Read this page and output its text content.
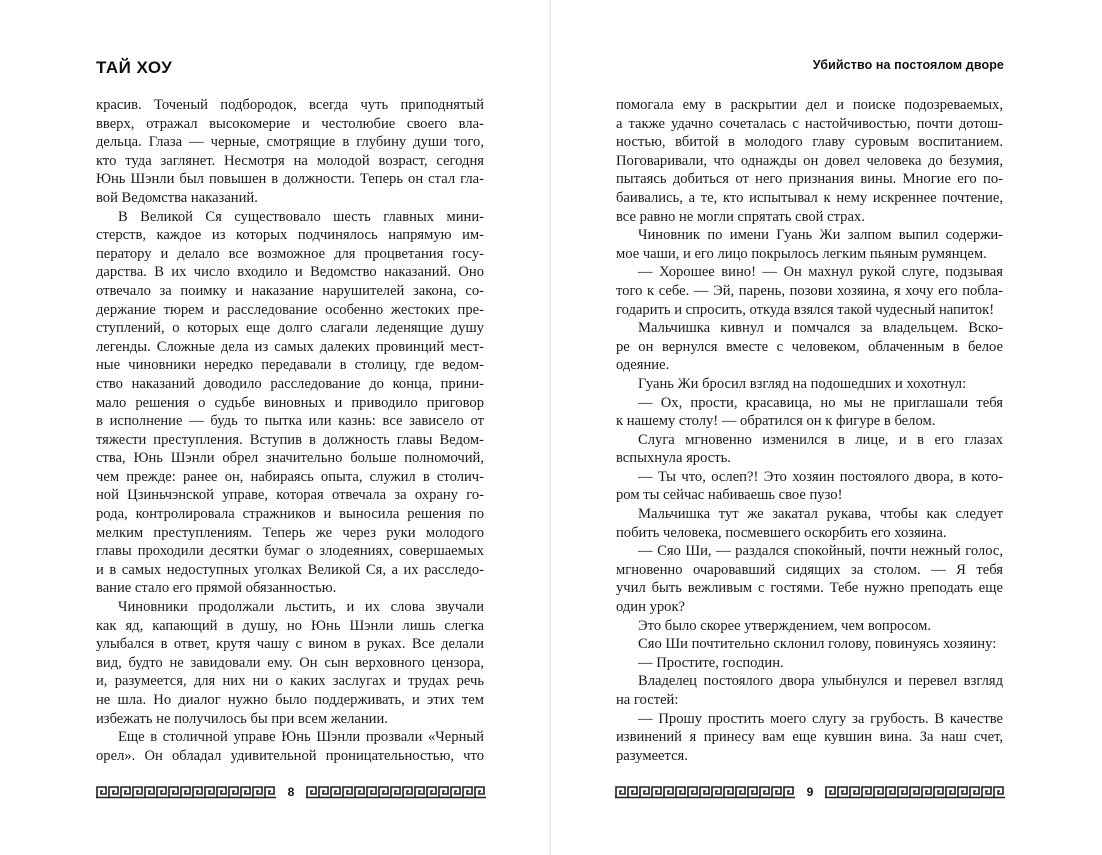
ТАЙ ХОУ
красив. Точеный подбородок, всегда чуть приподнятый
вверх, отражал высокомерие и честолюбие своего вла-
дельца. Глаза — черные, смотрящие в глубину души того,
кто туда заглянет. Несмотря на молодой возраст, сегодня
Юнь Шэнли был повышен в должности. Теперь он стал гла-
вой Ведомства наказаний.
В Великой Ся существовало шесть главных мини-
стерств, каждое из которых подчинялось напрямую им-
ператору и делало все возможное для процветания госу-
дарства. В их число входило и Ведомство наказаний. Оно
отвечало за поимку и наказание нарушителей закона, со-
держание тюрем и расследование особенно жестоких пре-
ступлений, о которых еще долго слагали леденящие душу
легенды. Сложные дела из самых далеких провинций мест-
ные чиновники нередко передавали в столицу, где ведом-
ство наказаний доводило расследование до конца, прини-
мало решения о судьбе виновных и приводило приговор
в исполнение — будь то пытка или казнь: все зависело от
тяжести преступления. Вступив в должность главы Ведом-
ства, Юнь Шэнли обрел значительно больше полномочий,
чем прежде: ранее он, набираясь опыта, служил в столич-
ной Цзиньчэнской управе, которая отвечала за охрану го-
рода, контролировала стражников и выносила решения по
мелким преступлениям. Теперь же через руки молодого
главы проходили десятки бумаг о злодеяниях, совершаемых
и в самых недоступных уголках Великой Ся, а их расследо-
вание стало его прямой обязанностью.
Чиновники продолжали льстить, и их слова звучали
как яд, капающий в душу, но Юнь Шэнли лишь слегка
улыбался в ответ, крутя чашу с вином в руках. Все делали
вид, будто не завидовали ему. Он сын верховного цензора,
и, разумеется, для них ни о каких заслугах и трудах речь
не шла. Но диалог нужно было поддерживать, и этих тем
избежать не получилось бы при всем желании.
Еще в столичной управе Юнь Шэнли прозвали «Черный
орел». Он обладал удивительной проницательностью, что
8
Убийство на постоялом дворе
помогала ему в раскрытии дел и поиске подозреваемых,
а также удачно сочеталась с настойчивостью, почти дотош-
ностью, вбитой в молодого главу суровым воспитанием.
Поговаривали, что однажды он довел человека до безумия,
пытаясь добиться от него признания вины. Многие его по-
баивались, а те, кто испытывал к нему искреннее почтение,
все равно не могли спрятать свой страх.
Чиновник по имени Гуань Жи залпом выпил содержи-
мое чаши, и его лицо покрылось легким пьяным румянцем.
— Хорошее вино! — Он махнул рукой слуге, подзывая
того к себе. — Эй, парень, позови хозяина, я хочу его побла-
годарить и спросить, откуда взялся такой чудесный напиток!
Мальчишка кивнул и помчался за владельцем. Вско-
ре он вернулся вместе с человеком, облаченным в белое
одеяние.
Гуань Жи бросил взгляд на подошедших и хохотнул:
— Ох, прости, красавица, но мы не приглашали тебя
к нашему столу! — обратился он к фигуре в белом.
Слуга мгновенно изменился в лице, и в его глазах
вспыхнула ярость.
— Ты что, ослеп?! Это хозяин постоялого двора, в кото-
ром ты сейчас набиваешь свое пузо!
Мальчишка тут же закатал рукава, чтобы как следует
побить человека, посмевшего оскорбить его хозяина.
— Сяо Ши, — раздался спокойный, почти нежный голос,
мгновенно очаровавший сидящих за столом. — Я тебя
учил быть вежливым с гостями. Тебе нужно преподать еще
один урок?
Это было скорее утверждением, чем вопросом.
Сяо Ши почтительно склонил голову, повинуясь хозяину:
— Простите, господин.
Владелец постоялого двора улыбнулся и перевел взгляд
на гостей:
— Прошу простить моего слугу за грубость. В качестве
извинений я принесу вам еще кувшин вина. За наш счет,
разумеется.
9
